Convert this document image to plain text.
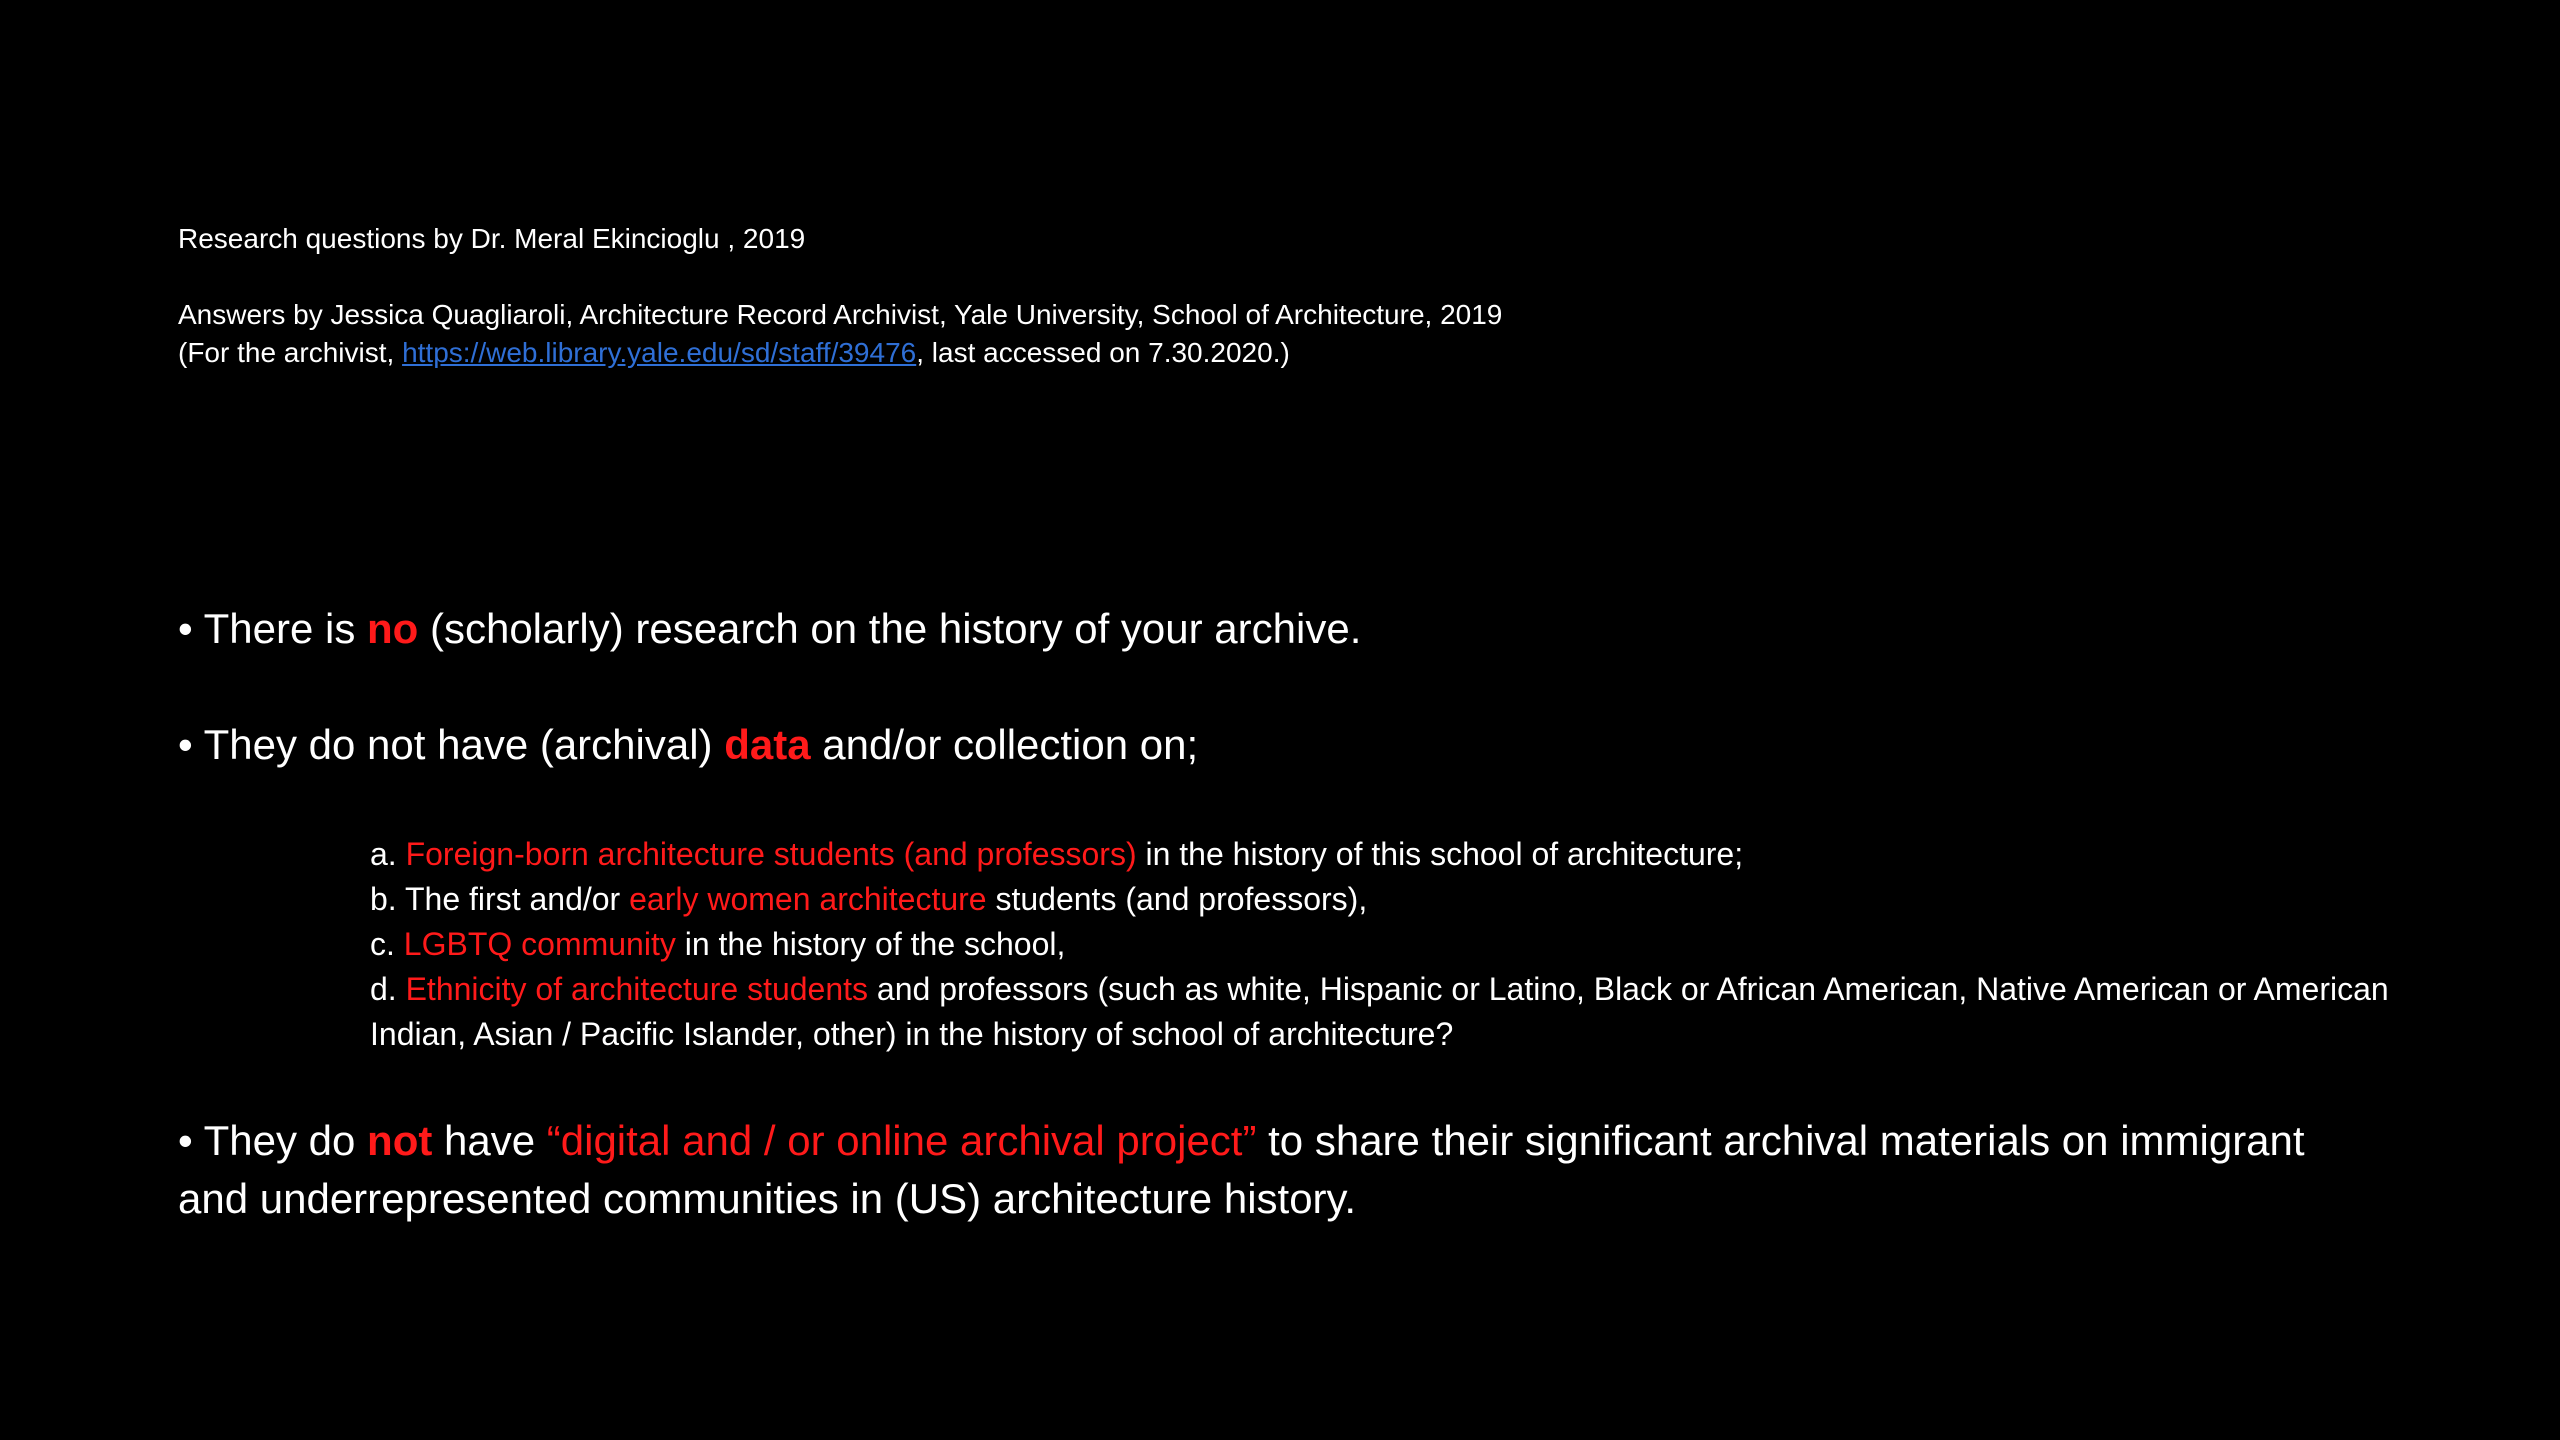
Research questions by Dr. Meral Ekincioglu , 2019
Answers by Jessica Quagliaroli, Architecture Record Archivist, Yale University, School of Architecture, 2019
(For the archivist, https://web.library.yale.edu/sd/staff/39476, last accessed on 7.30.2020.)
• There is no (scholarly) research on the history of your archive.
• They do not have (archival) data and/or collection on;
• They do not have “digital and / or online archival project” to share their significant archival materials on immigrant and underrepresented communities in (US) architecture history.
a. Foreign-born architecture students (and professors) in the history of this school of architecture;
b. The first and/or early women architecture students (and professors),
c. LGBTQ community in the history of the school,
d. Ethnicity of architecture students and professors (such as white, Hispanic or Latino, Black or African American, Native American or American Indian, Asian / Pacific Islander, other) in the history of school of architecture?
